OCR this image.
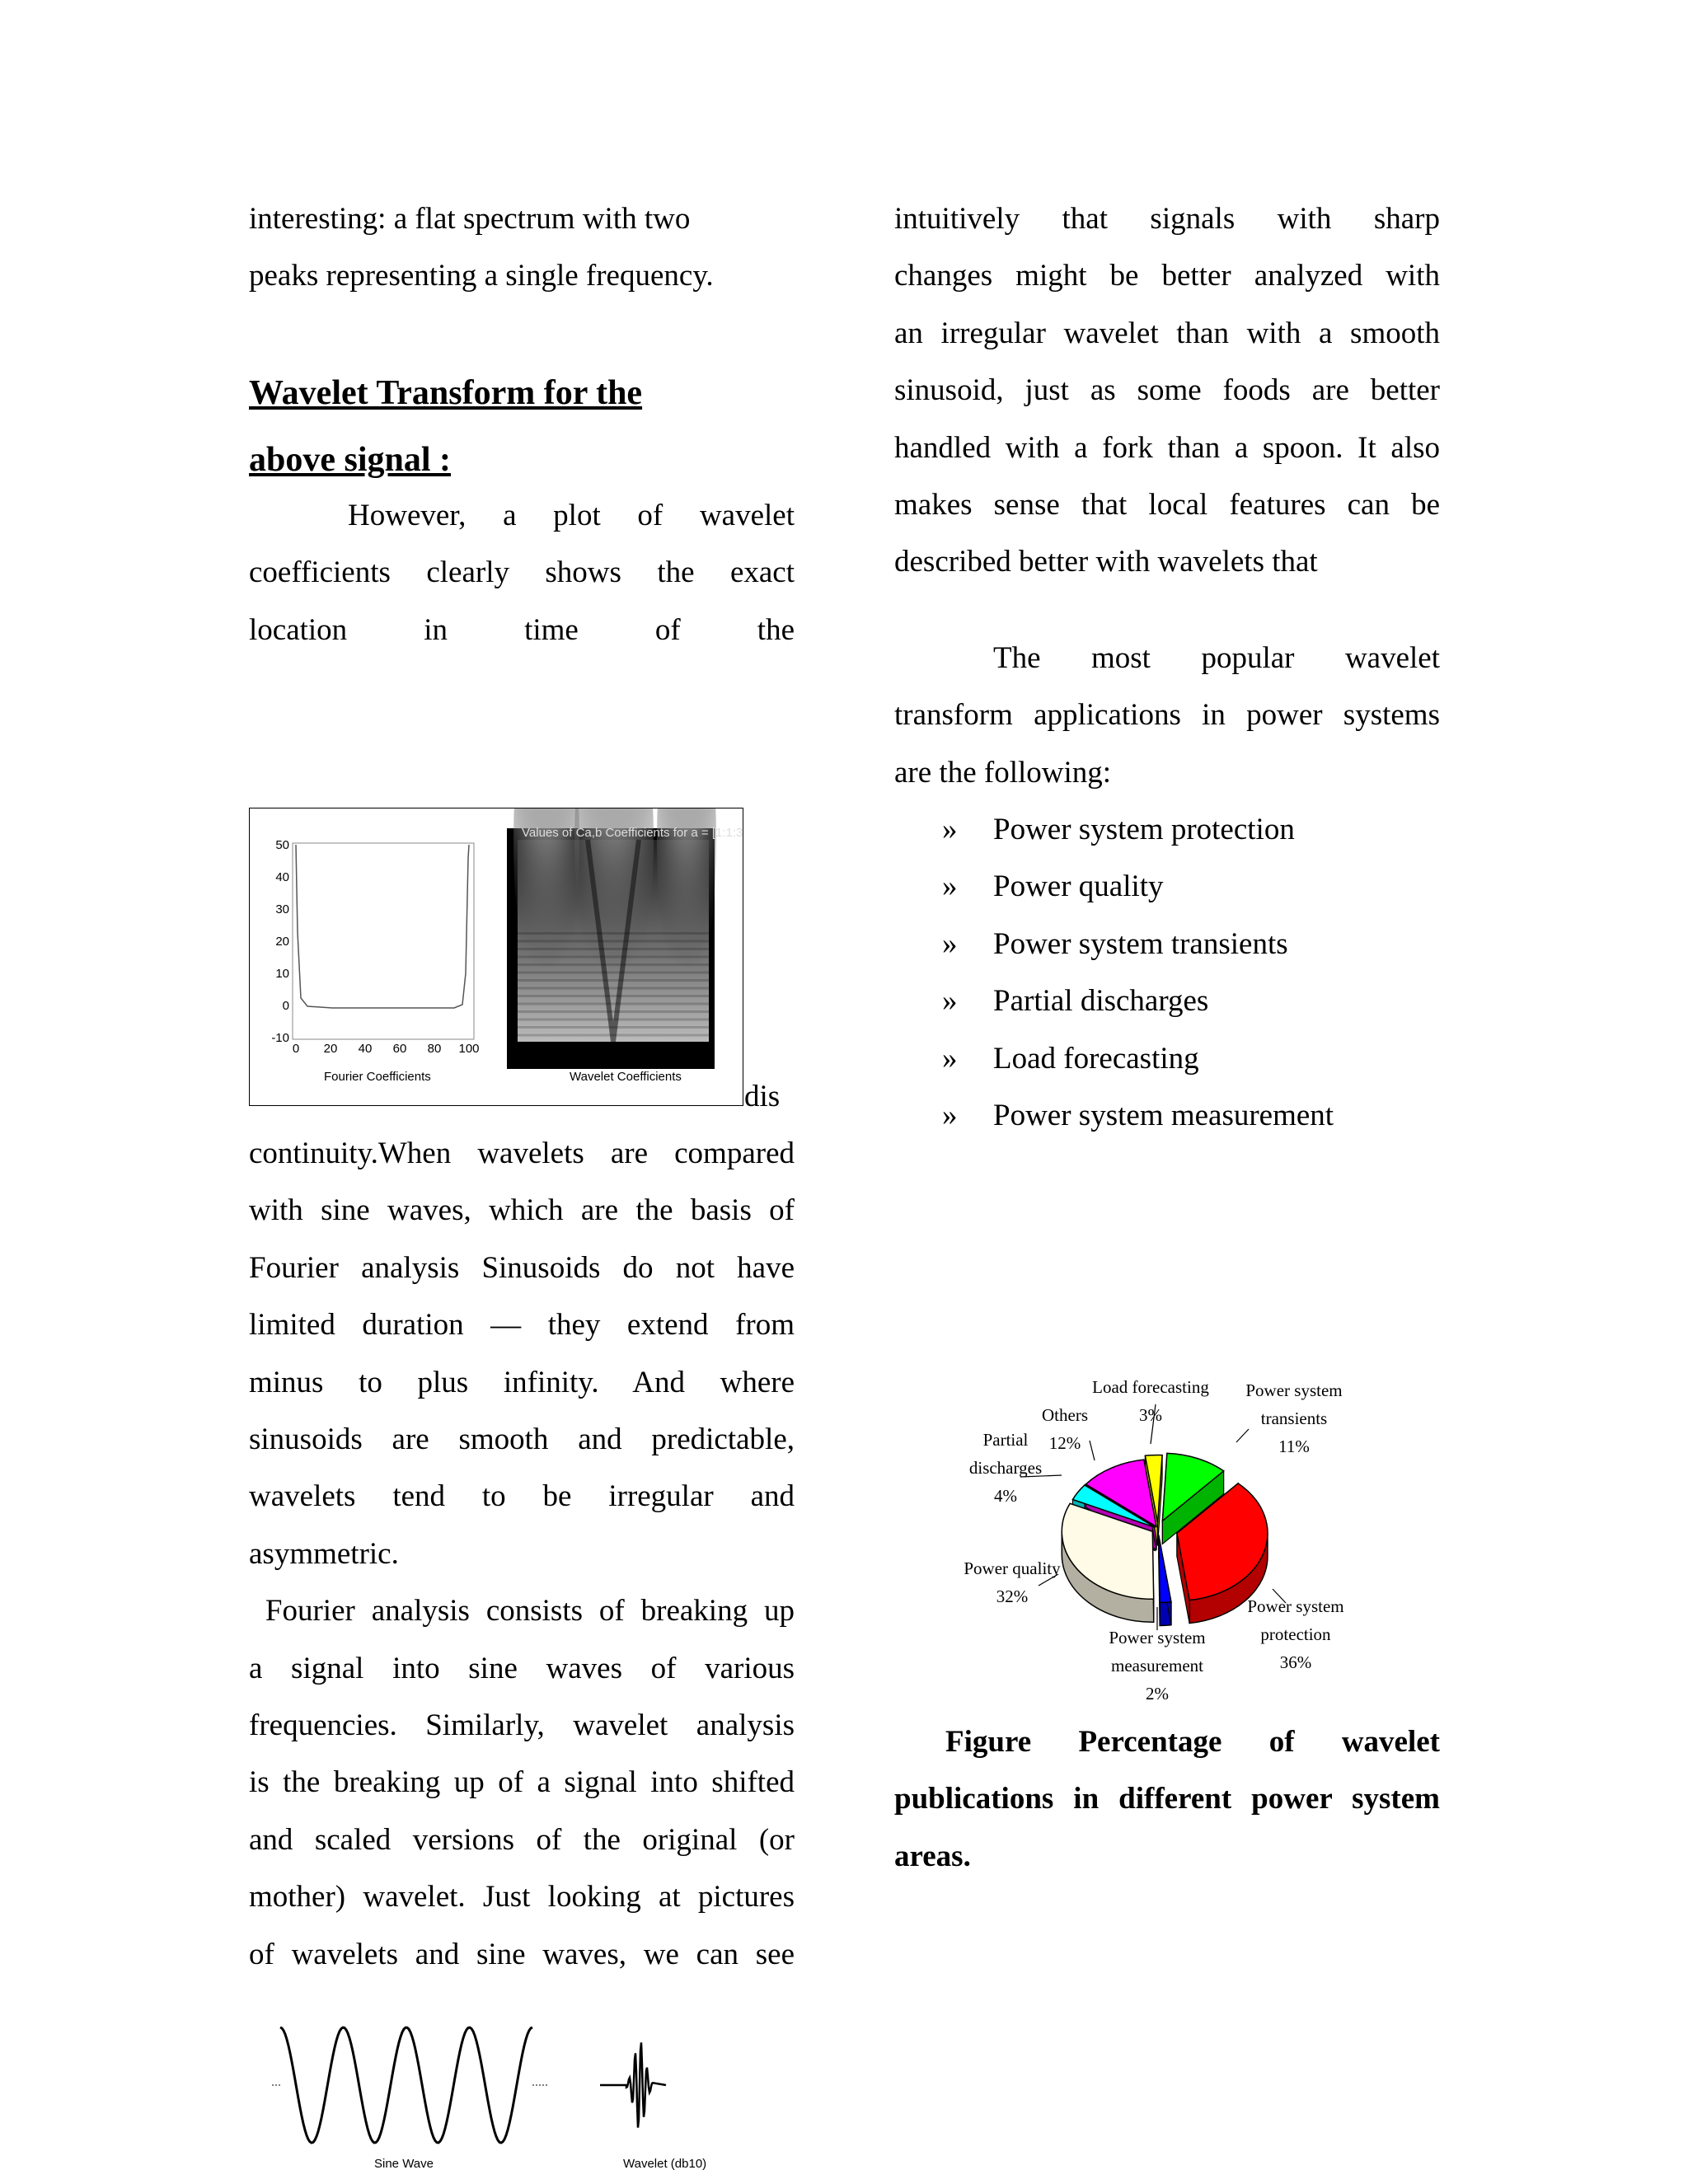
interesting: a flat spectrum with two

peaks representing a single frequency.

Wavelet Transform for the
above signal :

However, a plot of wavelet

coefficients clearly shows the exact

location in time of the

50
40
30
20
10
0
-10
0 20 40 60 80 100
Fourier Coefficients
Values of Ca,b Coefficients for a = [1:1:32]
Wavelet Coefficients
dis

continuity.When wavelets are compared

with sine waves, which are the basis of

Fourier analysis Sinusoids do not have

limited duration — they extend from

minus to plus infinity. And where

sinusoids are smooth and predictable,

wavelets tend to be irregular and

asymmetric.

Fourier analysis consists of breaking up

a signal into sine waves of various

frequencies. Similarly, wavelet analysis

is the breaking up of a signal into shifted

and scaled versions of the original (or

mother) wavelet. Just looking at pictures

of wavelets and sine waves, we can see

Sine Wave	Wavelet (db10)

intuitively that signals with sharp

changes might be better analyzed with

an irregular wavelet than with a smooth

sinusoid, just as some foods are better

handled with a fork than a spoon. It also

makes sense that local features can be

described better with wavelets that

The most popular wavelet

transform applications in power systems

are the following:

» Power system protection
» Power quality
» Power system transients
» Partial discharges
» Load forecasting
» Power system measurement
Power system
protection
36%
Power quality
32%
Others
12%
Power system
transients
11%
Partial
discharges
4%
Load forecasting
3%
Power system
measurement
2%

Figure Percentage of wavelet

publications in different power system

areas.
